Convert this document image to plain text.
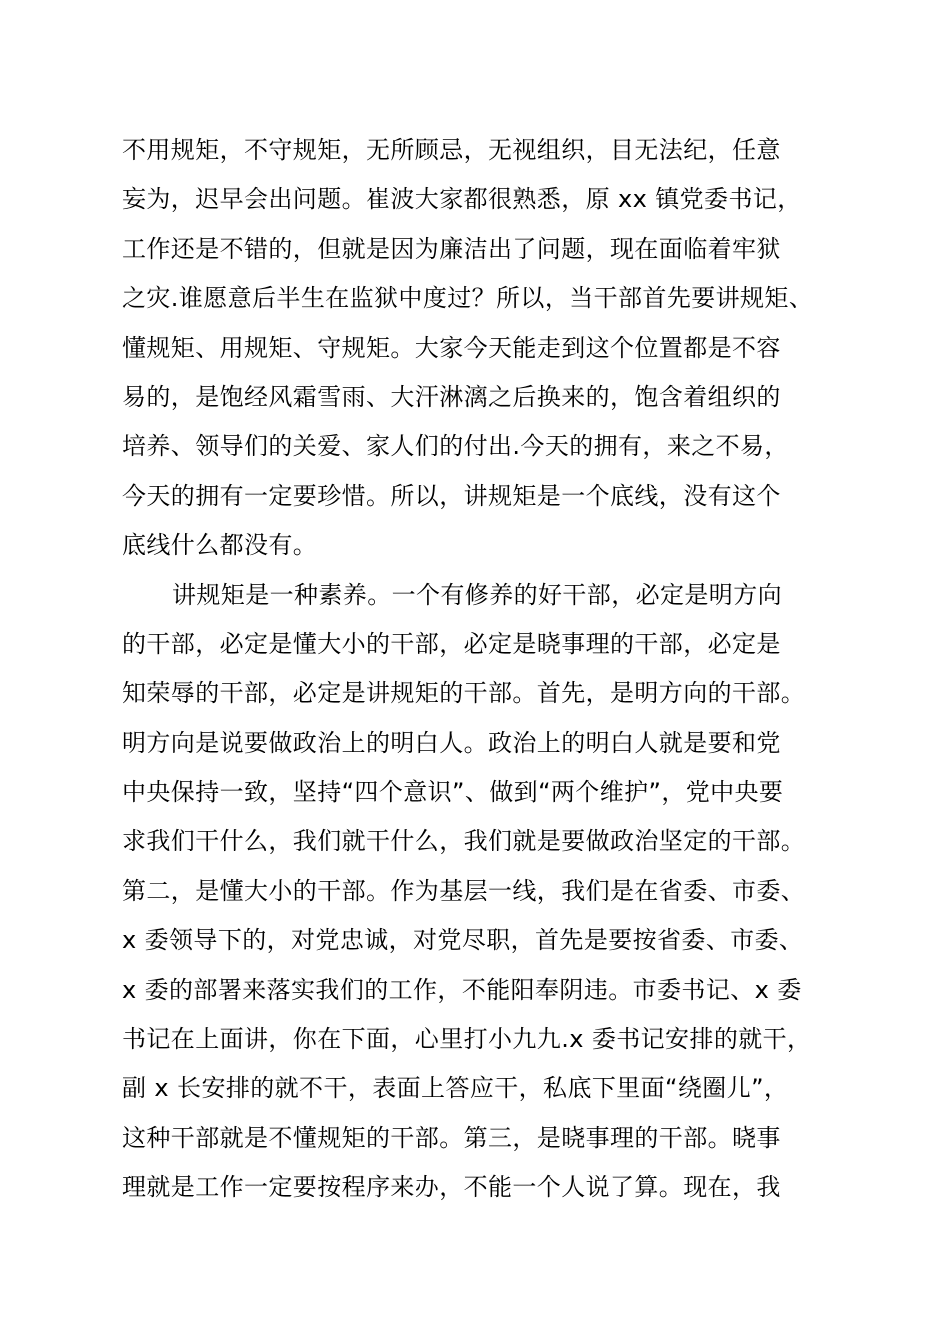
不用规矩，不守规矩，无所顾忌，无视组织，目无法纪，任意
妄为，迟早会出问题。崔波大家都很熟悉，原 xx 镇党委书记，
工作还是不错的，但就是因为廉洁出了问题，现在面临着牢狱
之灾.谁愿意后半生在监狱中度过？所以，当干部首先要讲规矩、
懂规矩、用规矩、守规矩。大家今天能走到这个位置都是不容
易的，是饱经风霜雪雨、大汗淋漓之后换来的，饱含着组织的
培养、领导们的关爱、家人们的付出.今天的拥有，来之不易，
今天的拥有一定要珍惜。所以，讲规矩是一个底线，没有这个
底线什么都没有。
讲规矩是一种素养。一个有修养的好干部，必定是明方向
的干部，必定是懂大小的干部，必定是晓事理的干部，必定是
知荣辱的干部，必定是讲规矩的干部。首先，是明方向的干部。
明方向是说要做政治上的明白人。政治上的明白人就是要和党
中央保持一致，坚持“四个意识”、做到“两个维护”，党中央要
求我们干什么，我们就干什么，我们就是要做政治坚定的干部。
第二，是懂大小的干部。作为基层一线，我们是在省委、市委、
x 委领导下的，对党忠诚，对党尽职，首先是要按省委、市委、
x 委的部署来落实我们的工作，不能阳奉阴违。市委书记、x 委
书记在上面讲，你在下面，心里打小九九.x 委书记安排的就干，
副 x 长安排的就不干，表面上答应干，私底下里面“绕圈儿”，
这种干部就是不懂规矩的干部。第三，是晓事理的干部。晓事
理就是工作一定要按程序来办，不能一个人说了算。现在，我
